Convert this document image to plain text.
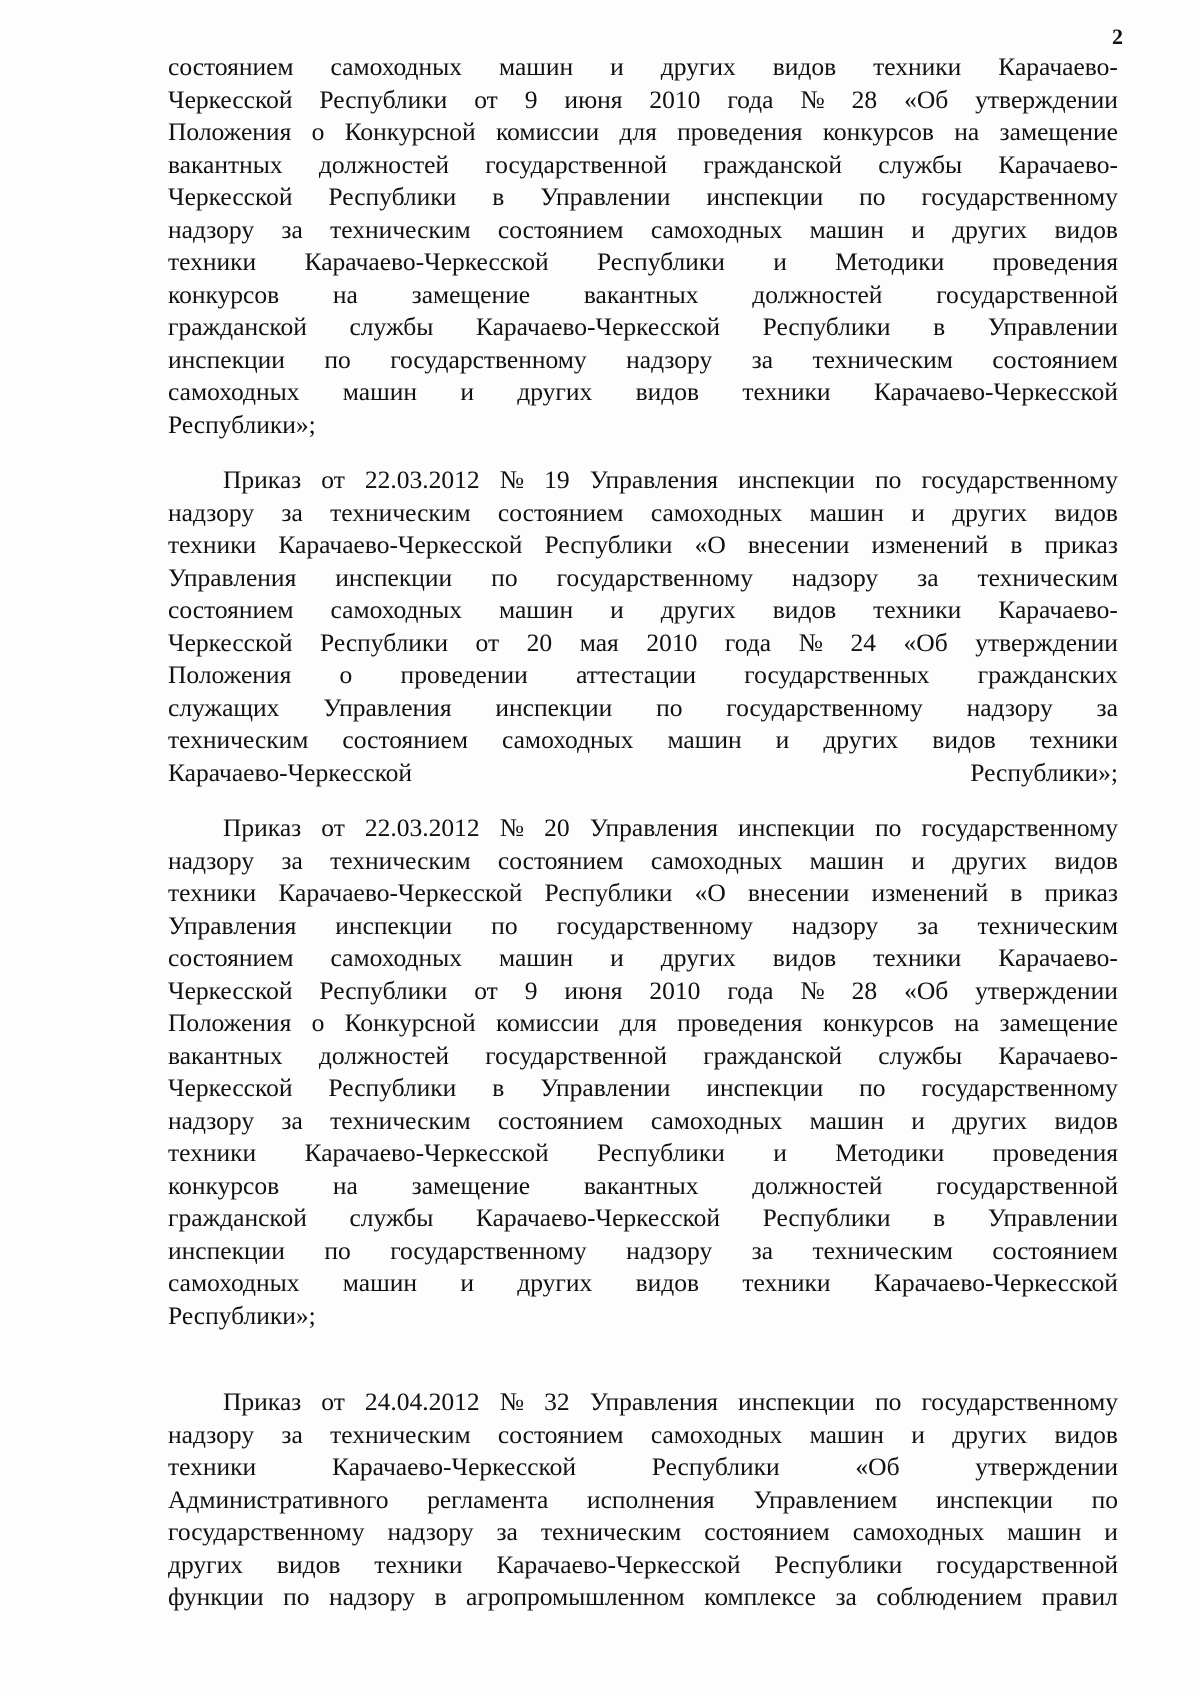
2
состоянием самоходных машин и других видов техники Карачаево-
Черкесской Республики от 9 июня 2010 года № 28 «Об утверждении
Положения о Конкурсной комиссии для проведения конкурсов на замещение
вакантных должностей государственной гражданской службы Карачаево-
Черкесской Республики в Управлении инспекции по государственному
надзору за техническим состоянием самоходных машин и других видов
техники Карачаево-Черкесской Республики и Методики проведения
конкурсов на замещение вакантных должностей государственной
гражданской службы Карачаево-Черкесской Республики в Управлении
инспекции по государственному надзору за техническим состоянием
самоходных машин и других видов техники Карачаево-Черкесской
Республики»;
Приказ от 22.03.2012 № 19 Управления инспекции по государственному
надзору за техническим состоянием самоходных машин и других видов
техники Карачаево-Черкесской Республики «О внесении изменений в приказ
Управления инспекции по государственному надзору за техническим
состоянием самоходных машин и других видов техники Карачаево-
Черкесской Республики от 20 мая 2010 года № 24 «Об утверждении
Положения о проведении аттестации государственных гражданских
служащих Управления инспекции по государственному надзору за
техническим состоянием самоходных машин и других видов техники
Карачаево-Черкесской Республики»;
Приказ от 22.03.2012 № 20 Управления инспекции по государственному
надзору за техническим состоянием самоходных машин и других видов
техники Карачаево-Черкесской Республики «О внесении изменений в приказ
Управления инспекции по государственному надзору за техническим
состоянием самоходных машин и других видов техники Карачаево-
Черкесской Республики от 9 июня 2010 года № 28 «Об утверждении
Положения о Конкурсной комиссии для проведения конкурсов на замещение
вакантных должностей государственной гражданской службы Карачаево-
Черкесской Республики в Управлении инспекции по государственному
надзору за техническим состоянием самоходных машин и других видов
техники Карачаево-Черкесской Республики и Методики проведения
конкурсов на замещение вакантных должностей государственной
гражданской службы Карачаево-Черкесской Республики в Управлении
инспекции по государственному надзору за техническим состоянием
самоходных машин и других видов техники Карачаево-Черкесской
Республики»;
Приказ от 24.04.2012 № 32 Управления инспекции по государственному
надзору за техническим состоянием самоходных машин и других видов
техники	Карачаево-Черкесской	Республики	«Об	утверждении
Административного регламента исполнения Управлением инспекции по
государственному надзору за техническим состоянием самоходных машин и
других видов техники Карачаево-Черкесской Республики государственной
функции по надзору в агропромышленном комплексе за соблюдением правил
